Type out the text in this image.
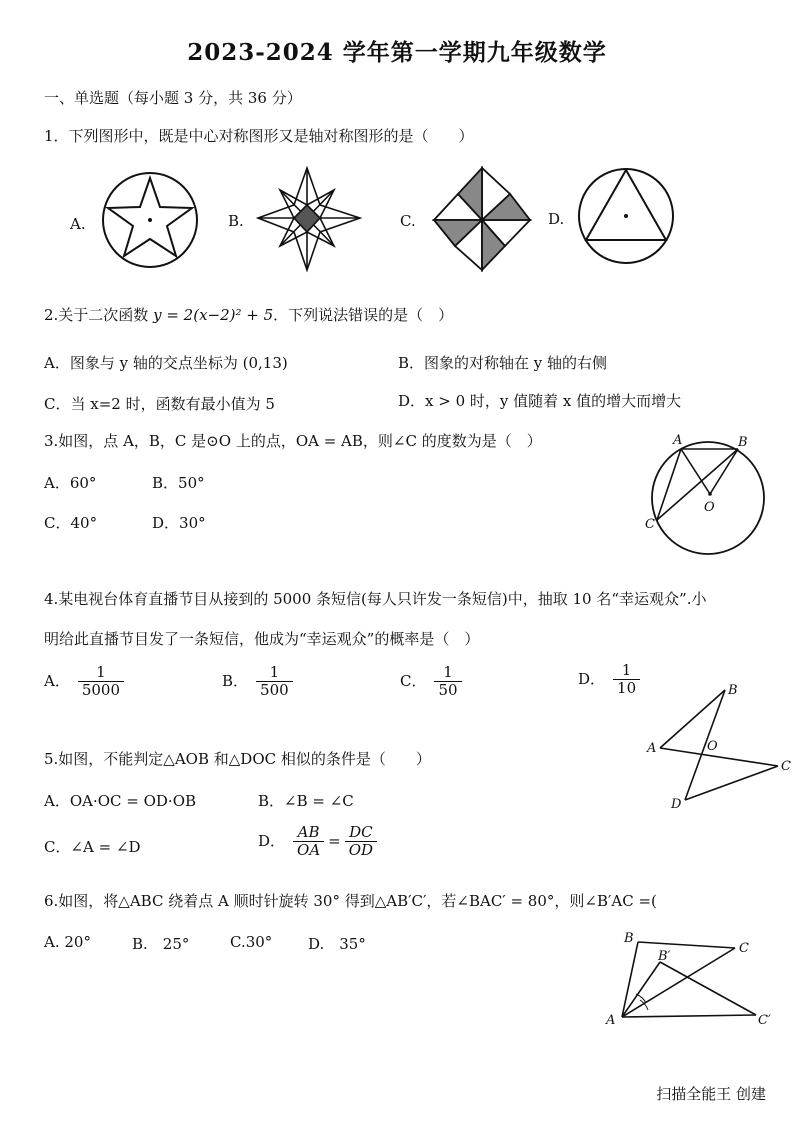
2023-2024 学年第一学期九年级数学
一、单选题（每小题 3 分，共 36 分）
1．下列图形中，既是中心对称图形又是轴对称图形的是（　　）
A.	B.	C.	D.
2.关于二次函数 y = 2(x−2)² + 5．下列说法错误的是（　）
A．图象与 y 轴的交点坐标为 (0,13)	B．图象的对称轴在 y 轴的右侧
C．当 x=2 时，函数有最小值为 5	D．x > 0 时，y 值随着 x 值的增大而增大
3.如图，点 A，B，C 是⊙O 上的点，OA = AB，则∠C 的度数为是（　）
A．60°	B．50°
C．40°	D．30°
A	B
C
O
4.某电视台体育直播节目从接到的 5000 条短信(每人只许发一条短信)中，抽取 10 名“幸运观众”.小
明给此直播节目发了一条短信，他成为“幸运观众”的概率是（　）
A． $\frac{1}{5000}$	B． $\frac{1}{500}$	C． $\frac{1}{50}$	D． $\frac{1}{10}$
5.如图，不能判定△AOB 和△DOC 相似的条件是（　　）
A．OA·OC = OD·OB	B．∠B = ∠C
C．∠A = ∠D	D． $\frac{AB}{OA} = \frac{DC}{OD}$
A
B
C
D
O
6.如图，将△ABC 绕着点 A 顺时针旋转 30° 得到△AB′C′，若∠BAC′ = 80°，则∠B′AC =(
A. 20°	B.　25°	C.30° D.　35°
A
B
C
B′
C′
扫描全能王 创建
